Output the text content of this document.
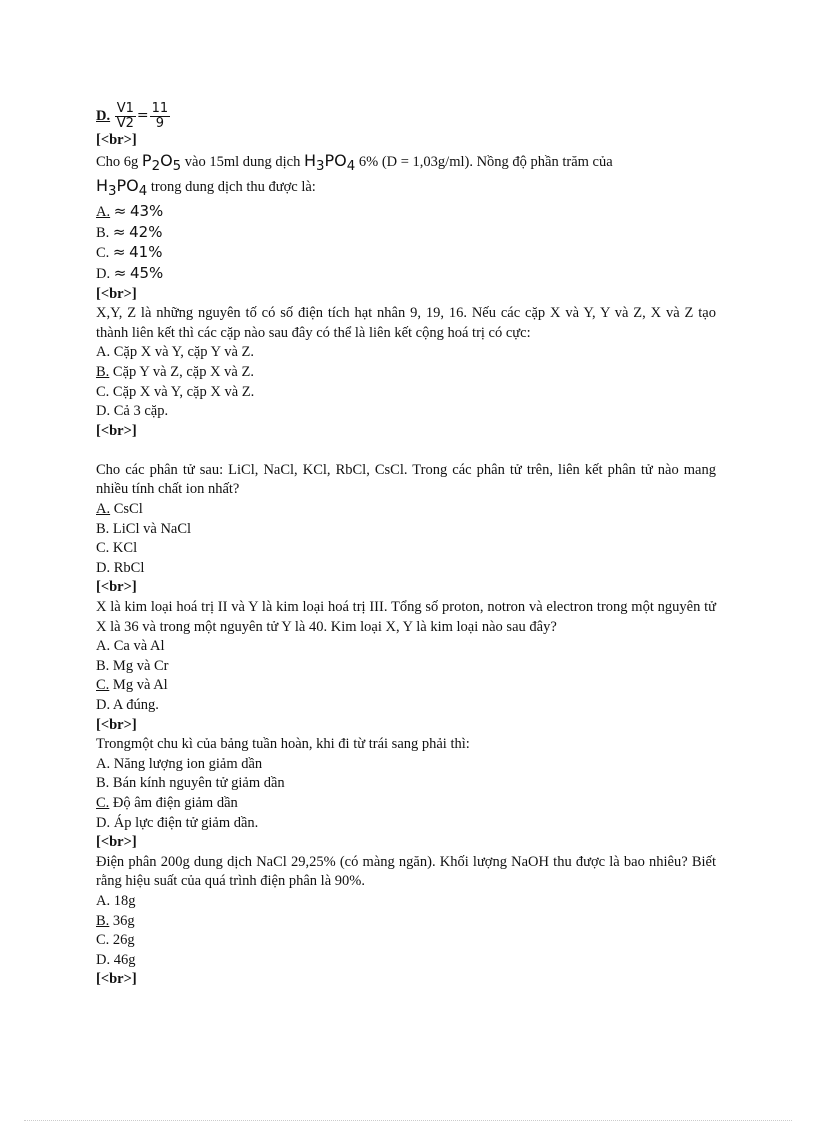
D. $\frac{V1}{V2} = \frac{11}{9}$
[<br>]
Cho 6g $P_2O_5$ vào 15ml dung dịch $H_3PO_4$ 6% (D = 1,03g/ml). Nồng độ phần trăm của
$H_3PO_4$ trong dung dịch thu được là:
A. ≈ 43%
B. ≈ 42%
C. ≈ 41%
D. ≈ 45%
[<br>]
X,Y, Z là những nguyên tố có số điện tích hạt nhân 9, 19, 16. Nếu các cặp X và Y, Y và Z, X và Z tạo thành liên kết thì các cặp nào sau đây có thể là liên kết cộng hoá trị có cực:
A. Cặp X và Y, cặp Y và Z.
B. Cặp Y và Z, cặp X và Z.
C. Cặp X và Y, cặp X và Z.
D. Cả 3 cặp.
[<br>]
Cho các phân tử sau: LiCl, NaCl, KCl, RbCl, CsCl. Trong các phân tử trên, liên kết phân tử nào mang nhiều tính chất ion nhất?
A. CsCl
B. LiCl và NaCl
C. KCl
D. RbCl
[<br>]
X là kim loại hoá trị II và Y là kim loại hoá trị III. Tổng số proton, notron và electron trong một nguyên tử X là 36 và trong một nguyên tử Y là 40. Kim loại X, Y là kim loại nào sau đây?
A. Ca và Al
B. Mg và Cr
C. Mg và Al
D. A đúng.
[<br>]
Trongmột chu kì của bảng tuần hoàn, khi đi từ trái sang phải thì:
A. Năng lượng ion giảm dần
B. Bán kính nguyên tử giảm dần
C. Độ âm điện giảm dần
D. Áp lực điện tử giảm dần.
[<br>]
Điện phân 200g dung dịch NaCl 29,25% (có màng ngăn). Khối lượng NaOH thu được là bao nhiêu? Biết rằng hiệu suất của quá trình điện phân là 90%.
A. 18g
B. 36g
C. 26g
D. 46g
[<br>]
